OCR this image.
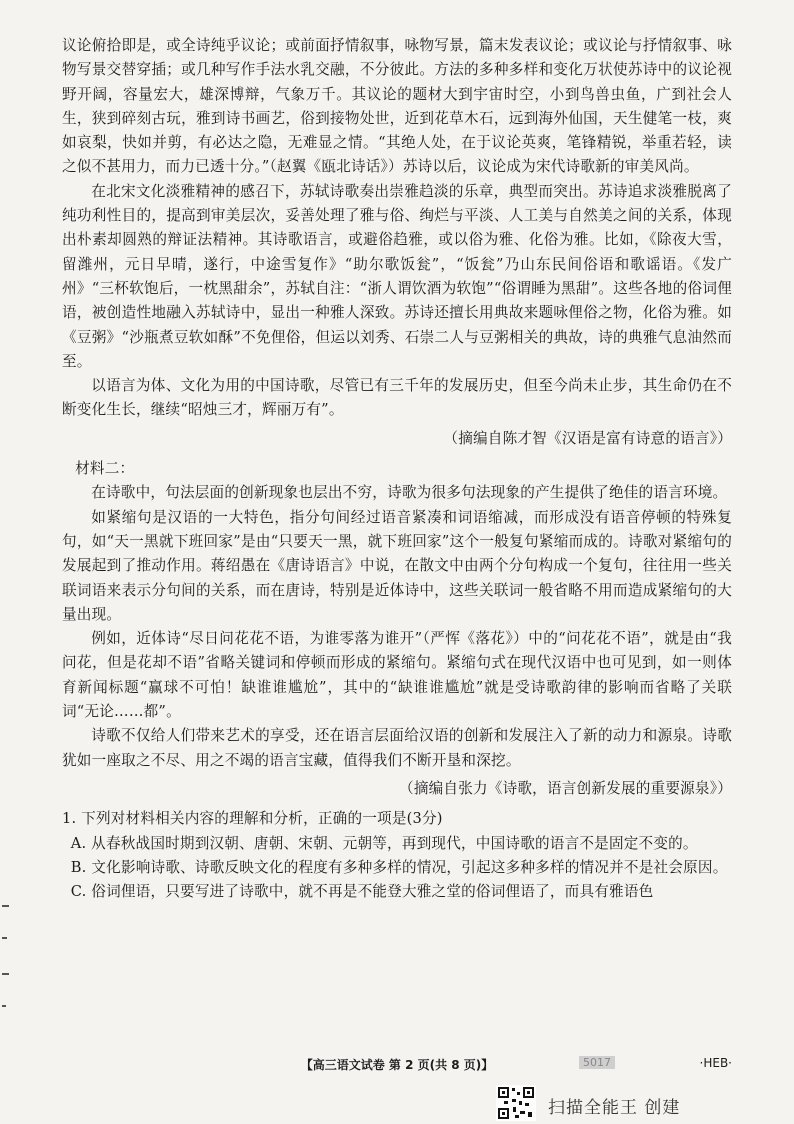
议论俯拾即是，或全诗纯乎议论；或前面抒情叙事，咏物写景，篇末发表议论；或议论与抒情叙事、咏物写景交替穿插；或几种写作手法水乳交融，不分彼此。方法的多种多样和变化万状使苏诗中的议论视野开阔，容量宏大，雄深博辩，气象万千。其议论的题材大到宇宙时空，小到鸟兽虫鱼，广到社会人生，狭到碎刻古玩，雅到诗书画艺，俗到接物处世，近到花草木石，远到海外仙国，天生健笔一枝，爽如哀梨，快如并剪，有必达之隐，无难显之情。“其绝人处，在于议论英爽，笔锋精锐，举重若轻，读之似不甚用力，而力已透十分。”（赵翼《瓯北诗话》）苏诗以后，议论成为宋代诗歌新的审美风尚。

在北宋文化淡雅精神的感召下，苏轼诗歌奏出崇雅趋淡的乐章，典型而突出。苏诗追求淡雅脱离了纯功利性目的，提高到审美层次，妥善处理了雅与俗、绚烂与平淡、人工美与自然美之间的关系，体现出朴素却圆熟的辩证法精神。其诗歌语言，或避俗趋雅，或以俗为雅、化俗为雅。比如，《除夜大雪，留潍州，元日早晴，遂行，中途雪复作》“助尔歌饭瓮”，“饭瓮”乃山东民间俗语和歌谣语。《发广州》“三杯软饱后，一枕黑甜余”，苏轼自注：“浙人谓饮酒为软饱”“俗谓睡为黑甜”。这些各地的俗词俚语，被创造性地融入苏轼诗中，显出一种雅人深致。苏诗还擅长用典故来题咏俚俗之物，化俗为雅。如《豆粥》“沙瓶煮豆软如酥”不免俚俗，但运以刘秀、石崇二人与豆粥相关的典故，诗的典雅气息油然而至。

以语言为体、文化为用的中国诗歌，尽管已有三千年的发展历史，但至今尚未止步，其生命仍在不断变化生长，继续“昭烛三才，辉丽万有”。

（摘编自陈才智《汉语是富有诗意的语言》）

材料二：

在诗歌中，句法层面的创新现象也层出不穷，诗歌为很多句法现象的产生提供了绝佳的语言环境。

如紧缩句是汉语的一大特色，指分句间经过语音紧凑和词语缩减，而形成没有语音停顿的特殊复句，如“天一黑就下班回家”是由“只要天一黑，就下班回家”这个一般复句紧缩而成的。诗歌对紧缩句的发展起到了推动作用。蒋绍愚在《唐诗语言》中说，在散文中由两个分句构成一个复句，往往用一些关联词语来表示分句间的关系，而在唐诗，特别是近体诗中，这些关联词一般省略不用而造成紧缩句的大量出现。

例如，近体诗“尽日问花花不语，为谁零落为谁开”（严恽《落花》）中的“问花花不语”，就是由“我问花，但是花却不语”省略关键词和停顿而形成的紧缩句。紧缩句式在现代汉语中也可见到，如一则体育新闻标题“赢球不可怕！缺谁谁尴尬”，其中的“缺谁谁尴尬”就是受诗歌韵律的影响而省略了关联词“无论……都”。

诗歌不仅给人们带来艺术的享受，还在语言层面给汉语的创新和发展注入了新的动力和源泉。诗歌犹如一座取之不尽、用之不竭的语言宝藏，值得我们不断开垦和深挖。

（摘编自张力《诗歌，语言创新发展的重要源泉》）

1. 下列对材料相关内容的理解和分析，正确的一项是(3分)

A. 从春秋战国时期到汉朝、唐朝、宋朝、元朝等，再到现代，中国诗歌的语言不是固定不变的。

B. 文化影响诗歌、诗歌反映文化的程度有多种多样的情况，引起这多种多样的情况并不是社会原因。

C. 俗词俚语，只要写进了诗歌中，就不再是不能登大雅之堂的俗词俚语了，而具有雅语色

【高三语文试卷 第 2 页(共 8 页)】	5017	·HEB·
扫描全能王 创建
